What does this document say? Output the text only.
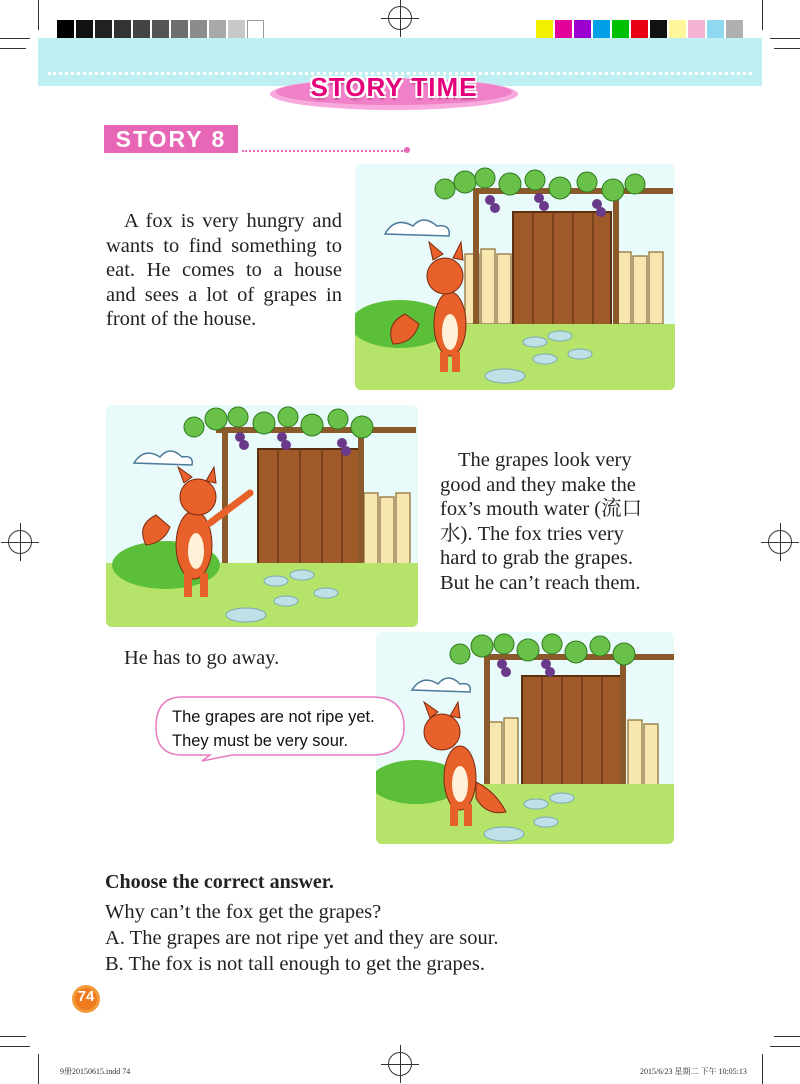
STORY TIME
STORY 8
A fox is very hungry and wants to find something to eat. He comes to a house and sees a lot of grapes in front of the house.
The grapes look very
good and they make the
fox’s mouth water (流口
水). The fox tries very
hard to grab the grapes.
But he can’t reach them.
He has to go away.
The grapes are not ripe yet.
They must be very sour.
Choose the correct answer.
Why can’t the fox get the grapes?
A. The grapes are not ripe yet and they are sour.
B. The fox is not tall enough to get the grapes.
74
9册20150615.indd 74	2015/6/23 星期二 下午 10:05:13
